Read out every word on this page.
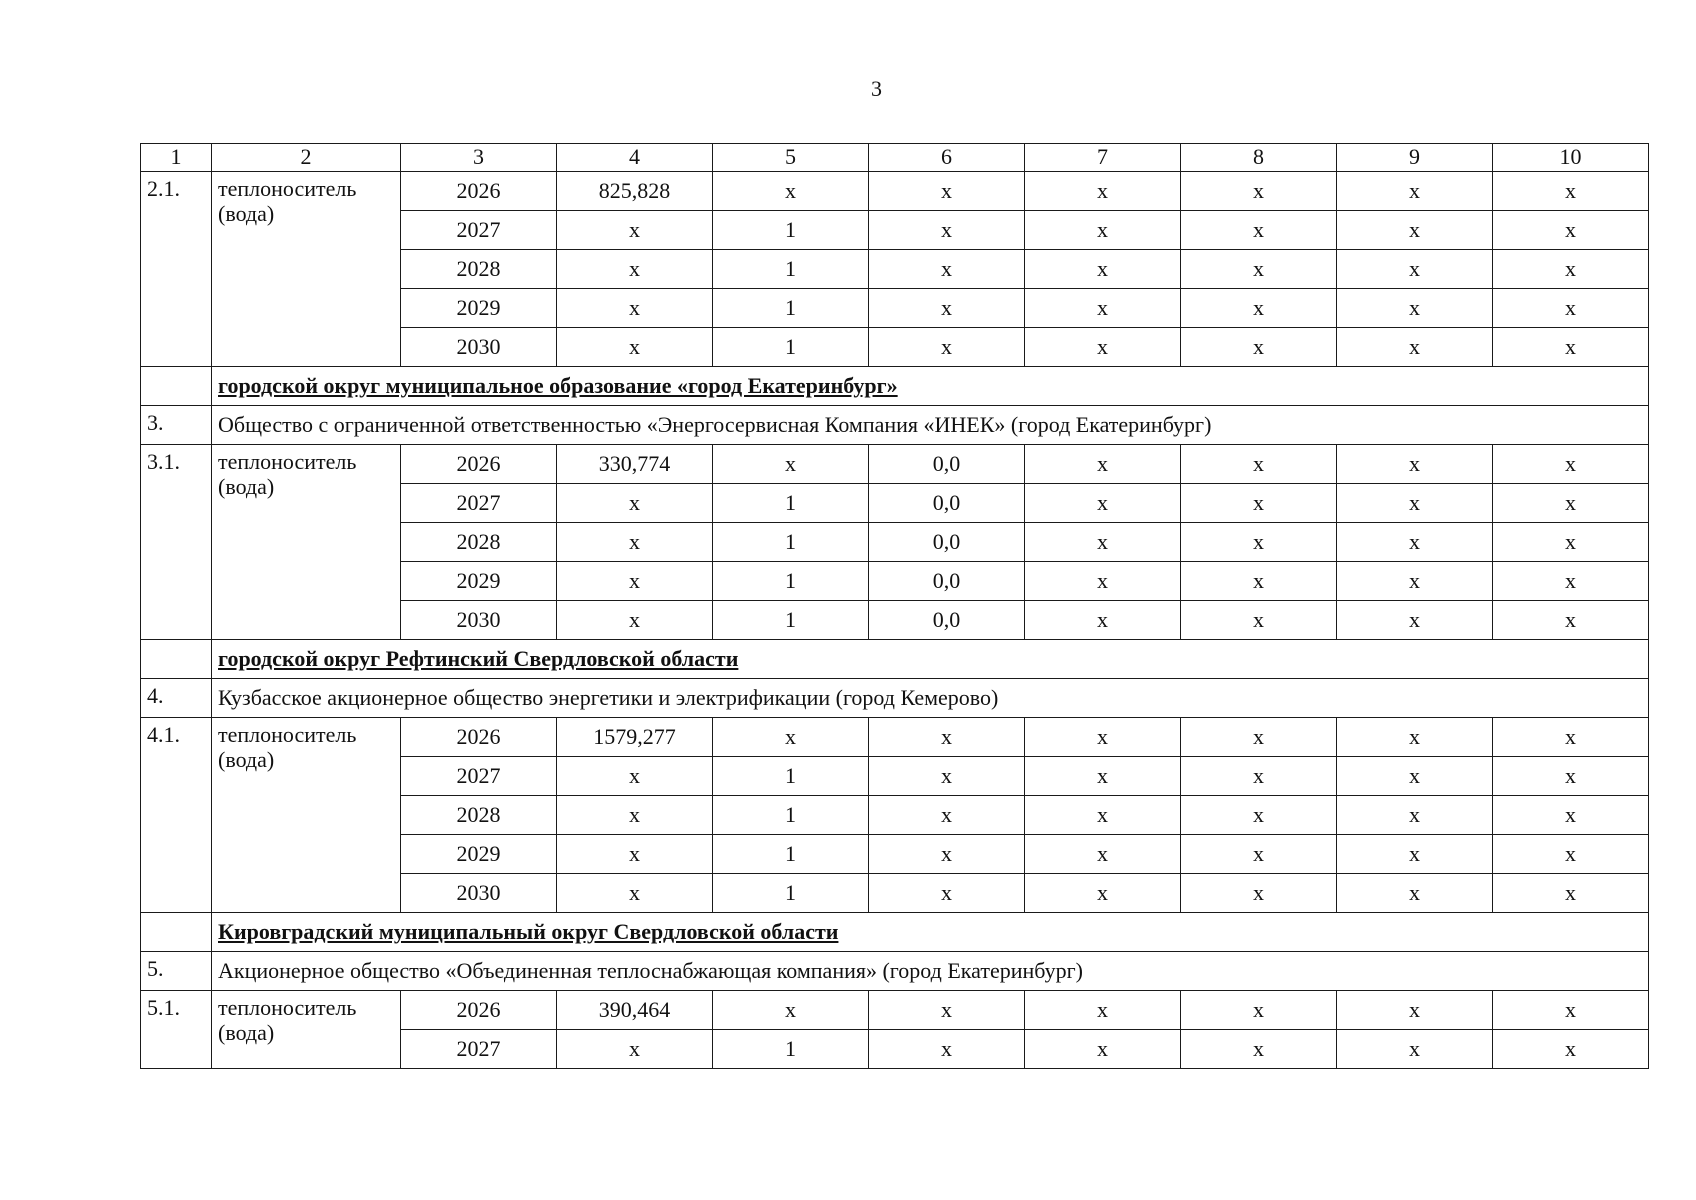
3
1	2	3	4	5	6	7	8	9	10
2.1.	теплоноситель (вода)	2026	825,828	x	x	x	x	x	x
		2027	x	1	x	x	x	x	x
		2028	x	1	x	x	x	x	x
		2029	x	1	x	x	x	x	x
		2030	x	1	x	x	x	x	x
	городской округ муниципальное образование «город Екатеринбург»								
3.	Общество с ограниченной ответственностью «Энергосервисная Компания «ИНЕК» (город Екатеринбург)								
3.1.	теплоноситель (вода)	2026	330,774	x	0,0	x	x	x	x
		2027	x	1	0,0	x	x	x	x
		2028	x	1	0,0	x	x	x	x
		2029	x	1	0,0	x	x	x	x
		2030	x	1	0,0	x	x	x	x
	городской округ Рефтинский Свердловской области								
4.	Кузбасское акционерное общество энергетики и электрификации (город Кемерово)								
4.1.	теплоноситель (вода)	2026	1579,277	x	x	x	x	x	x
		2027	x	1	x	x	x	x	x
		2028	x	1	x	x	x	x	x
		2029	x	1	x	x	x	x	x
		2030	x	1	x	x	x	x	x
	Кировградский муниципальный округ Свердловской области								
5.	Акционерное общество «Объединенная теплоснабжающая компания» (город Екатеринбург)								
5.1.	теплоноситель (вода)	2026	390,464	x	x	x	x	x	x
		2027	x	1	x	x	x	x	x
